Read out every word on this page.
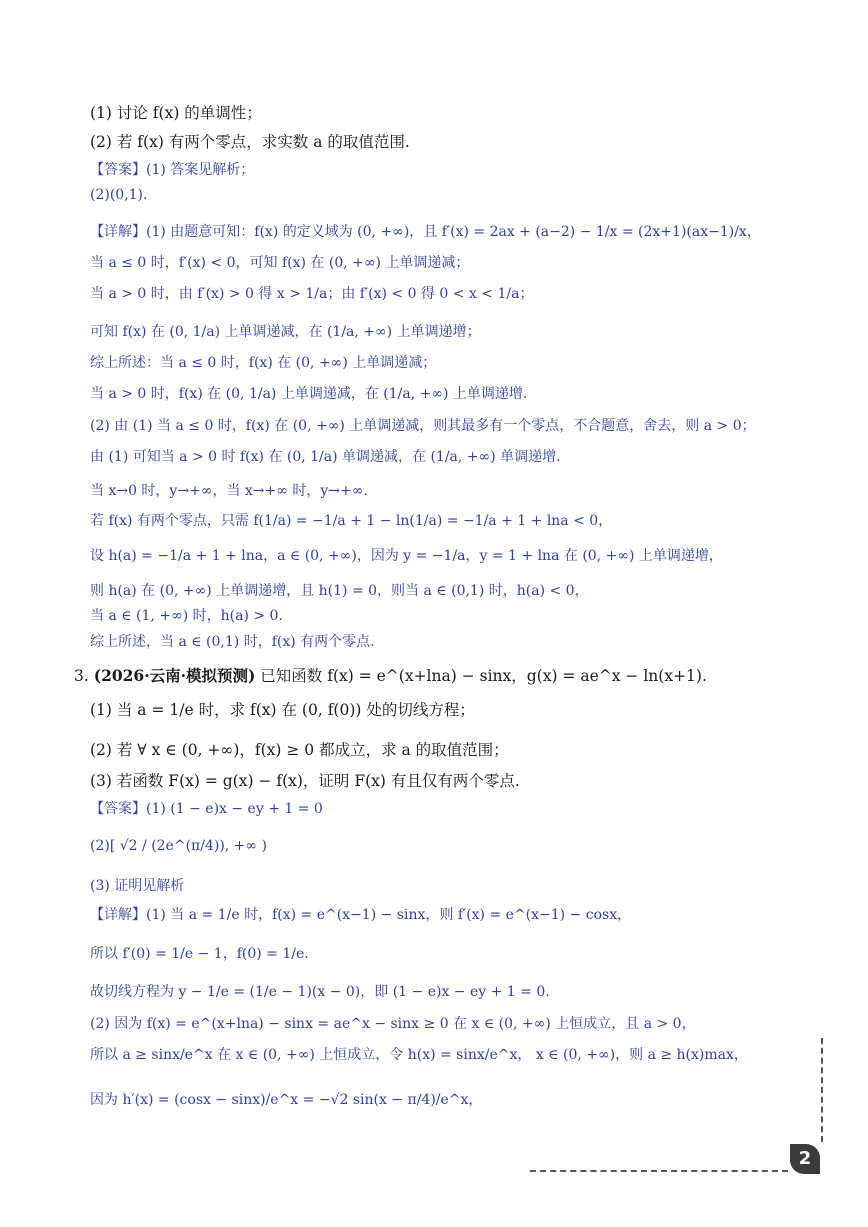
(1) 讨论 f(x) 的单调性；
(2) 若 f(x) 有两个零点，求实数 a 的取值范围.
【答案】(1) 答案见解析；
(2)(0,1).
【详解】(1) 由题意可知：f(x) 的定义域为 (0, +∞)，且 f′(x) = 2ax + (a−2) − 1/x = (2x+1)(ax−1)/x，
当 a ≤ 0 时，f′(x) < 0，可知 f(x) 在 (0, +∞) 上单调递减；
当 a > 0 时，由 f′(x) > 0 得 x > 1/a；由 f′(x) < 0 得 0 < x < 1/a；
可知 f(x) 在 (0, 1/a) 上单调递减，在 (1/a, +∞) 上单调递增；
综上所述：当 a ≤ 0 时，f(x) 在 (0, +∞) 上单调递减；
当 a > 0 时，f(x) 在 (0, 1/a) 上单调递减，在 (1/a, +∞) 上单调递增.
(2) 由 (1) 当 a ≤ 0 时，f(x) 在 (0, +∞) 上单调递减，则其最多有一个零点，不合题意，舍去，则 a > 0；
由 (1) 可知当 a > 0 时 f(x) 在 (0, 1/a) 单调递减，在 (1/a, +∞) 单调递增.
当 x→0 时，y→+∞，当 x→+∞ 时，y→+∞.
若 f(x) 有两个零点，只需 f(1/a) = −1/a + 1 − ln(1/a) = −1/a + 1 + lna < 0，
设 h(a) = −1/a + 1 + lna，a ∈ (0, +∞)，因为 y = −1/a，y = 1 + lna 在 (0, +∞) 上单调递增，
则 h(a) 在 (0, +∞) 上单调递增，且 h(1) = 0，则当 a ∈ (0,1) 时，h(a) < 0，
当 a ∈ (1, +∞) 时，h(a) > 0.
综上所述，当 a ∈ (0,1) 时，f(x) 有两个零点.
(1) 当 a = 1/e 时，求 f(x) 在 (0, f(0)) 处的切线方程；
(2) 若 ∀ x ∈ (0, +∞)，f(x) ≥ 0 都成立，求 a 的取值范围；
(3) 若函数 F(x) = g(x) − f(x)，证明 F(x) 有且仅有两个零点.
【答案】(1) (1 − e)x − ey + 1 = 0
(2)[ √2 / (2e^(π/4)), +∞ )
(3) 证明见解析
【详解】(1) 当 a = 1/e 时，f(x) = e^(x−1) − sinx，则 f′(x) = e^(x−1) − cosx，
所以 f′(0) = 1/e − 1，f(0) = 1/e.
故切线方程为 y − 1/e = (1/e − 1)(x − 0)，即 (1 − e)x − ey + 1 = 0.
(2) 因为 f(x) = e^(x+lna) − sinx = ae^x − sinx ≥ 0 在 x ∈ (0, +∞) 上恒成立，且 a > 0，
所以 a ≥ sinx/e^x 在 x ∈ (0, +∞) 上恒成立，令 h(x) = sinx/e^x， x ∈ (0, +∞)，则 a ≥ h(x)max，
因为 h′(x) = (cosx − sinx)/e^x = −√2 sin(x − π/4)/e^x，
3. (2026·云南·模拟预测) 已知函数 f(x) = e^(x+lna) − sinx，g(x) = ae^x − ln(x+1).
2
